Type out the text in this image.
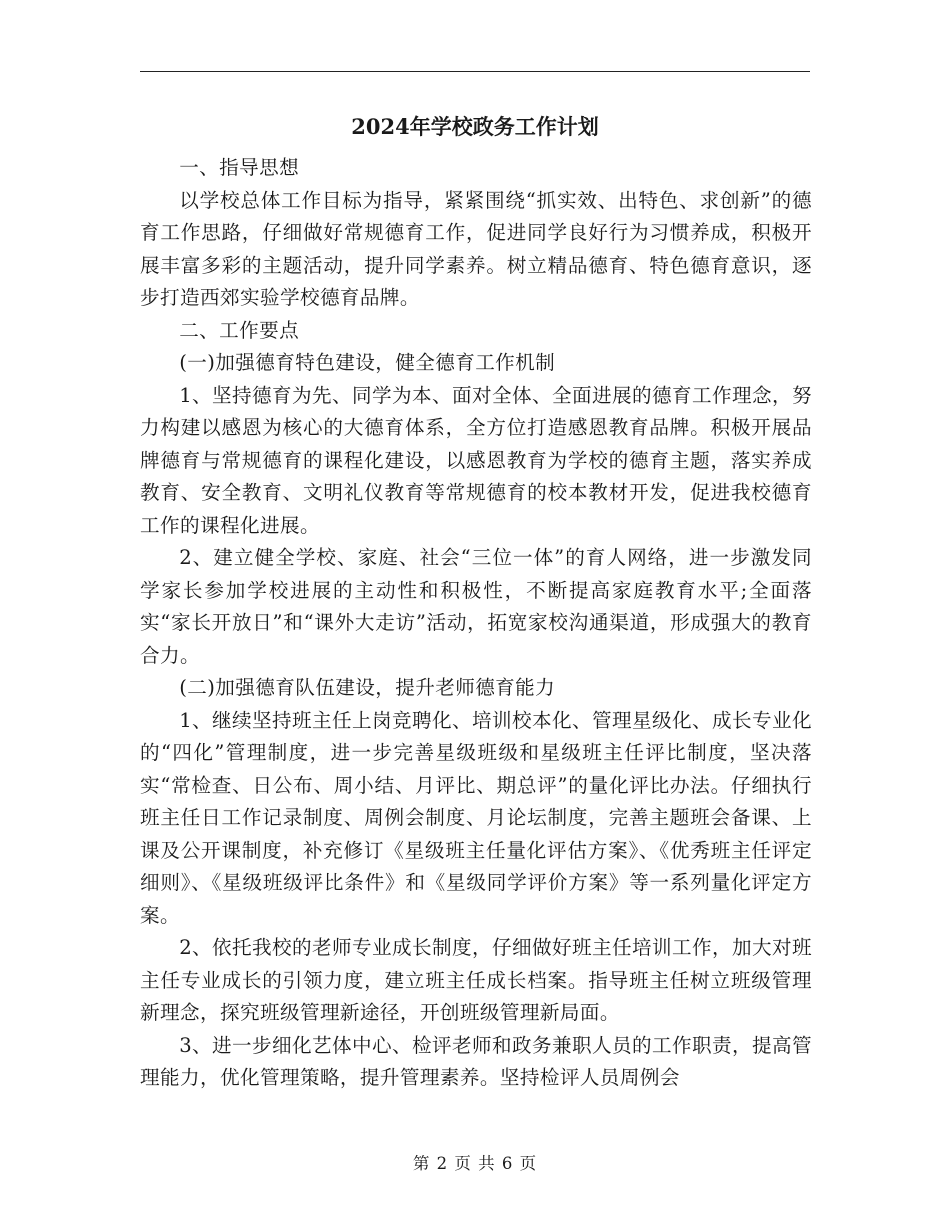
2024年学校政务工作计划

一、指导思想

以学校总体工作目标为指导，紧紧围绕“抓实效、出特色、求创新”的德育工作思路，仔细做好常规德育工作，促进同学良好行为习惯养成，积极开展丰富多彩的主题活动，提升同学素养。树立精品德育、特色德育意识，逐步打造西郊实验学校德育品牌。

二、工作要点

(一)加强德育特色建设，健全德育工作机制

1、坚持德育为先、同学为本、面对全体、全面进展的德育工作理念，努力构建以感恩为核心的大德育体系，全方位打造感恩教育品牌。积极开展品牌德育与常规德育的课程化建设，以感恩教育为学校的德育主题，落实养成教育、安全教育、文明礼仪教育等常规德育的校本教材开发，促进我校德育工作的课程化进展。

2、建立健全学校、家庭、社会“三位一体”的育人网络，进一步激发同学家长参加学校进展的主动性和积极性，不断提高家庭教育水平;全面落实“家长开放日”和“课外大走访”活动，拓宽家校沟通渠道，形成强大的教育合力。

(二)加强德育队伍建设，提升老师德育能力

1、继续坚持班主任上岗竞聘化、培训校本化、管理星级化、成长专业化的“四化”管理制度，进一步完善星级班级和星级班主任评比制度，坚决落实“常检查、日公布、周小结、月评比、期总评”的量化评比办法。仔细执行班主任日工作记录制度、周例会制度、月论坛制度，完善主题班会备课、上课及公开课制度，补充修订《星级班主任量化评估方案》、《优秀班主任评定细则》、《星级班级评比条件》和《星级同学评价方案》等一系列量化评定方案。

2、依托我校的老师专业成长制度，仔细做好班主任培训工作，加大对班主任专业成长的引领力度，建立班主任成长档案。指导班主任树立班级管理新理念，探究班级管理新途径，开创班级管理新局面。

3、进一步细化艺体中心、检评老师和政务兼职人员的工作职责，提高管理能力，优化管理策略，提升管理素养。坚持检评人员周例会

第 2 页 共 6 页
